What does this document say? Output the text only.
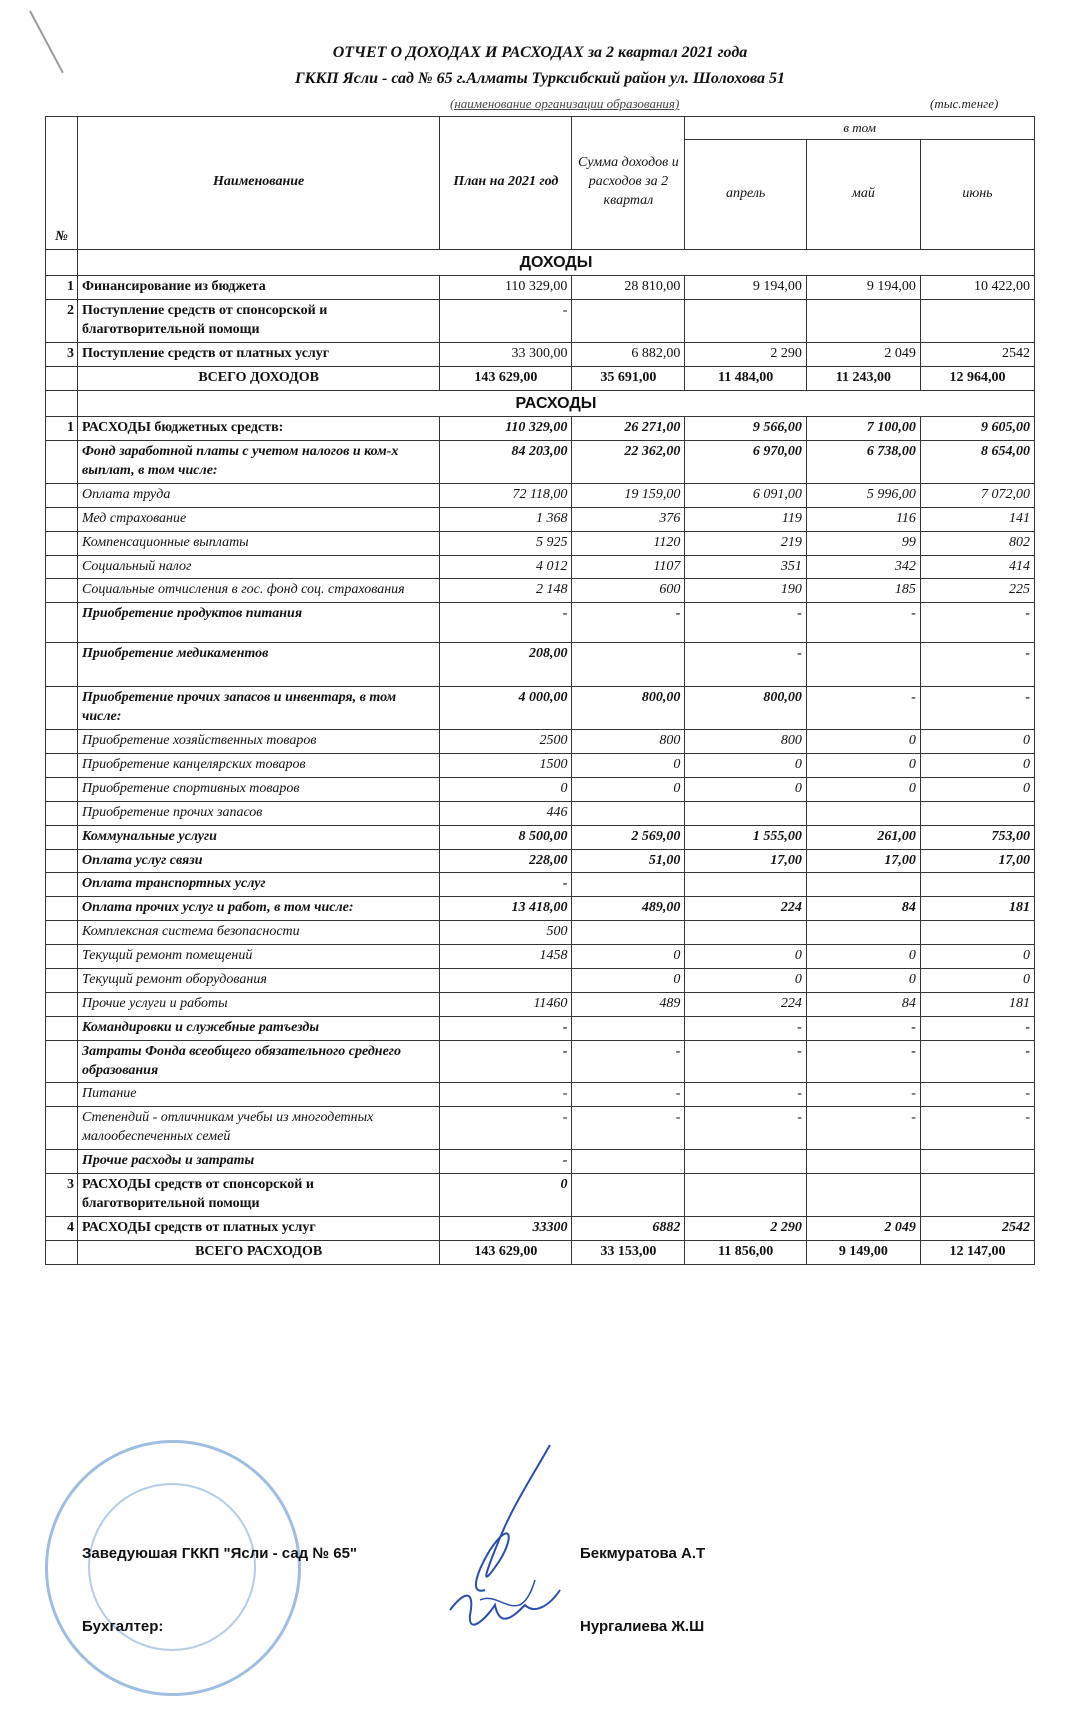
ОТЧЕТ О ДОХОДАХ И РАСХОДАХ за 2 квартал 2021 года
ГККП Ясли - сад № 65 г.Алматы Турксибский район ул. Шолохова 51
(наименование организации образования)	(тыс.тенге)
№	Наименование	План на 2021 год	Сумма доходов и расходов за 2 квартал	в том		
				апрель	май	июнь
	ДОХОДЫ					
1	Финансирование из бюджета	110 329,00	28 810,00	9 194,00	9 194,00	10 422,00
2	Поступление средств от спонсорской и благотворительной помощи	-				
3	Поступление средств от платных услуг	33 300,00	6 882,00	2 290	2 049	2542
	ВСЕГО ДОХОДОВ	143 629,00	35 691,00	11 484,00	11 243,00	12 964,00
	РАСХОДЫ					
1	РАСХОДЫ бюджетных средств:	110 329,00	26 271,00	9 566,00	7 100,00	9 605,00
	Фонд заработной платы с учетом налогов и ком-х выплат, в том числе:	84 203,00	22 362,00	6 970,00	6 738,00	8 654,00
	Оплата труда	72 118,00	19 159,00	6 091,00	5 996,00	7 072,00
	Мед страхование	1 368	376	119	116	141
	Компенсационные выплаты	5 925	1120	219	99	802
	Социальный налог	4 012	1107	351	342	414
	Социальные отчисления в гос. фонд соц. страхования	2 148	600	190	185	225
	Приобретение продуктов питания	-	-	-	-	-
	Приобретение медикаментов	208,00		-		-
	Приобретение прочих запасов и инвентаря, в том числе:	4 000,00	800,00	800,00	-	-
	Приобретение хозяйственных товаров	2500	800	800	0	0
	Приобретение канцелярских товаров	1500	0	0	0	0
	Приобретение спортивных товаров	0	0	0	0	0
	Приобретение прочих запасов	446				
	Коммунальные услуги	8 500,00	2 569,00	1 555,00	261,00	753,00
	Оплата услуг связи	228,00	51,00	17,00	17,00	17,00
	Оплата транспортных услуг	-				
	Оплата прочих услуг и работ, в том числе:	13 418,00	489,00	224	84	181
	Комплексная система безопасности	500				
	Текущий ремонт помещений	1458	0	0	0	0
	Текущий ремонт оборудования		0	0	0	0
	Прочие услуги и работы	11460	489	224	84	181
	Командировки и служебные ратъезды	-		-	-	-
	Затраты Фонда всеобщего обязательного среднего образования	-	-	-	-	-
	Питание	-	-	-	-	-
	Степендий - отличникам учебы из многодетных малообеспеченных семей	-	-	-	-	-
	Прочие расходы и затраты	-				
3	РАСХОДЫ средств от спонсорской и благотворительной помощи	0				
4	РАСХОДЫ средств от платных услуг	33300	6882	2 290	2 049	2542
	ВСЕГО РАСХОДОВ	143 629,00	33 153,00	11 856,00	9 149,00	12 147,00
Заведуюшая ГККП "Ясли - сад № 65"	Бекмуратова А.Т
Бухгалтер:	Нургалиева Ж.Ш
